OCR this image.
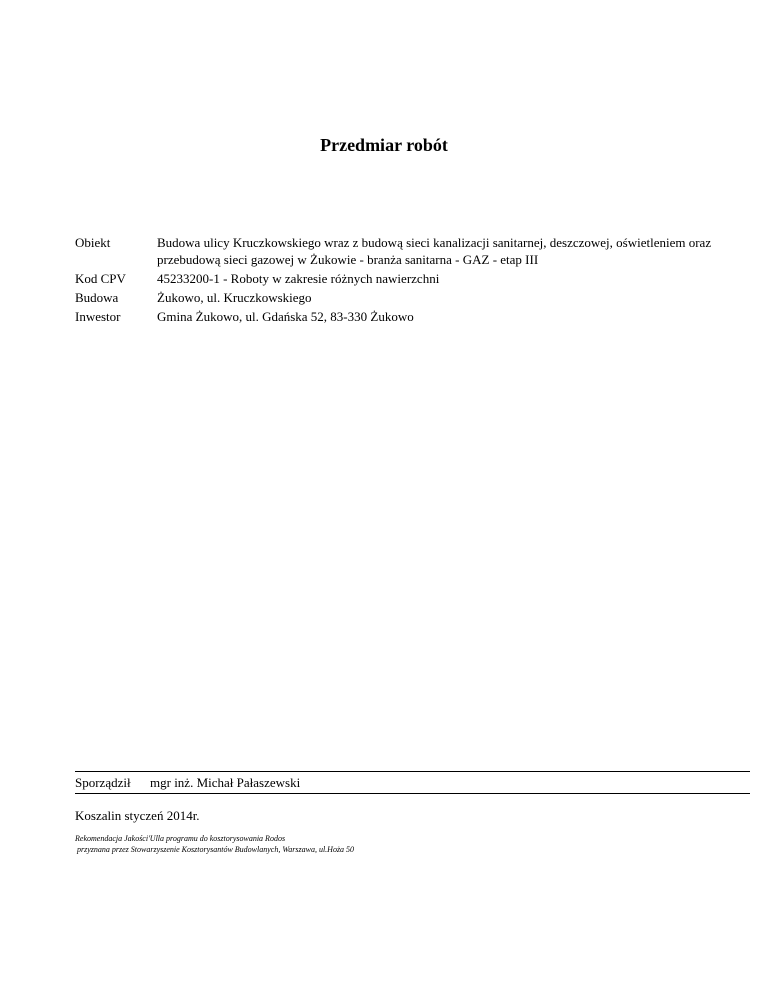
Przedmiar robót
Obiekt	Budowa ulicy Kruczkowskiego wraz z budową sieci kanalizacji sanitarnej, deszczowej, oświetleniem oraz przebudową sieci gazowej w Żukowie - branża sanitarna - GAZ - etap III
Kod CPV	45233200-1 - Roboty w zakresie różnych nawierzchni
Budowa	Żukowo, ul. Kruczkowskiego
Inwestor	Gmina Żukowo, ul. Gdańska 52, 83-330 Żukowo
Sporządził	mgr inż. Michał Pałaszewski
Koszalin styczeń 2014r.
Rekomendacja Jakości'Ulla programu do kosztorysowania Rodos
przyznana przez Stowarzyszenie Kosztorysantów Budowlanych, Warszawa, ul.Hoża 50
